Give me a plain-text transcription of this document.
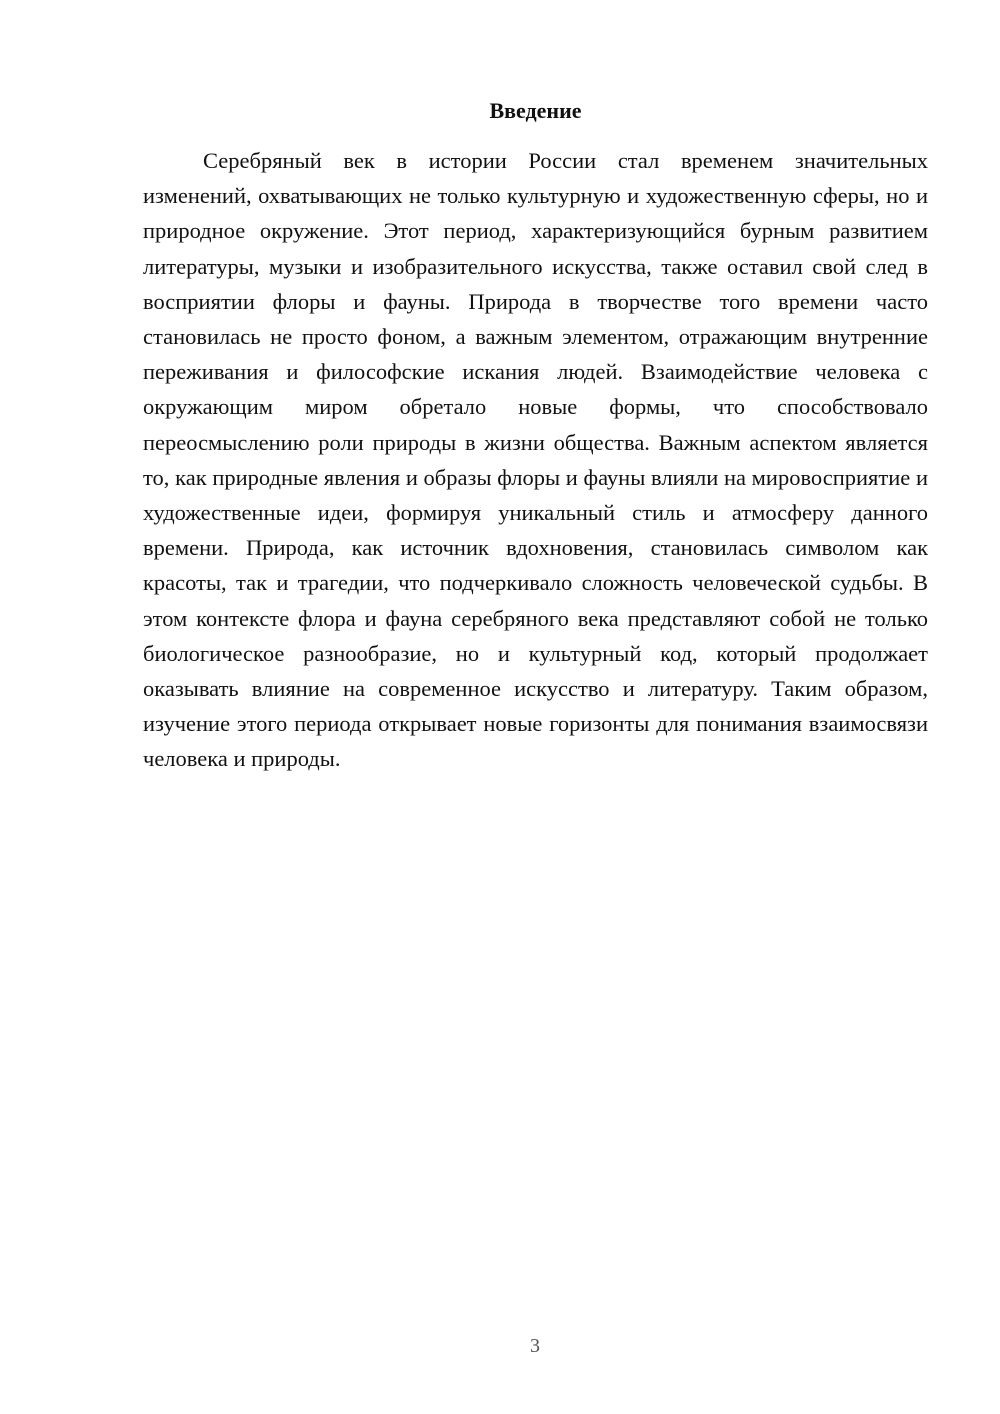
Введение

Серебряный век в истории России стал временем значительных изменений, охватывающих не только культурную и художественную сферы, но и природное окружение. Этот период, характеризующийся бурным развитием литературы, музыки и изобразительного искусства, также оставил свой след в восприятии флоры и фауны. Природа в творчестве того времени часто становилась не просто фоном, а важным элементом, отражающим внутренние переживания и философские искания людей. Взаимодействие человека с окружающим миром обретало новые формы, что способствовало переосмыслению роли природы в жизни общества. Важным аспектом является то, как природные явления и образы флоры и фауны влияли на мировосприятие и художественные идеи, формируя уникальный стиль и атмосферу данного времени. Природа, как источник вдохновения, становилась символом как красоты, так и трагедии, что подчеркивало сложность человеческой судьбы. В этом контексте флора и фауна серебряного века представляют собой не только биологическое разнообразие, но и культурный код, который продолжает оказывать влияние на современное искусство и литературу. Таким образом, изучение этого периода открывает новые горизонты для понимания взаимосвязи человека и природы.

3
